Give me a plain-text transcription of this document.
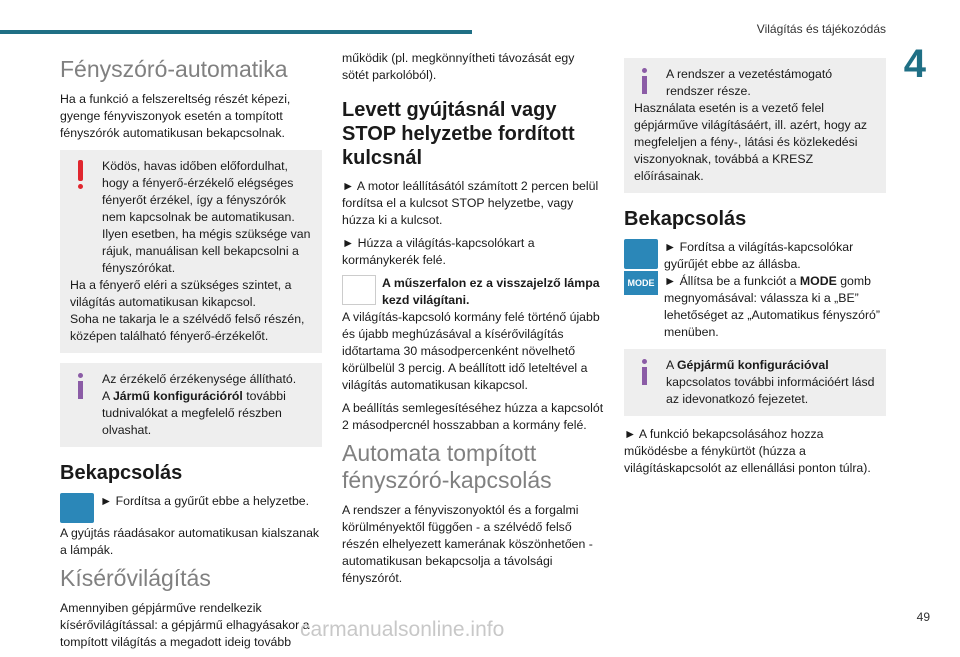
Világítás és tájékozódás
4
Fényszóró-automatika

Ha a funkció a felszereltség részét képezi, gyenge fényviszonyok esetén a tompított fényszórók automatikusan bekapcsolnak.

Ködös, havas időben előfordulhat, hogy a fényerő-érzékelő elégséges fényerőt érzékel, így a fényszórók nem kapcsolnak be automatikusan. Ilyen esetben, ha mégis szüksége van rájuk, manuálisan kell bekapcsolni a fényszórókat.
Ha a fényerő eléri a szükséges szintet, a világítás automatikusan kikapcsol.
Soha ne takarja le a szélvédő felső részén, középen található fényerő-érzékelőt.
Az érzékelő érzékenysége állítható.
A Jármű konfigurációról további tudnivalókat a megfelelő részben olvashat.
Bekapcsolás
► Fordítsa a gyűrűt ebbe a helyzetbe.

A gyújtás ráadásakor automatikusan kialszanak a lámpák.

Kísérővilágítás

Amennyiben gépjárműve rendelkezik kísérővilágítással: a gépjármű elhagyásakor a tompított világítás a megadott ideig tovább

működik (pl. megkönnyítheti távozását egy sötét parkolóból).

Levett gyújtásnál vagy STOP helyzetbe fordított kulcsnál

► A motor leállításától számított 2 percen belül fordítsa el a kulcsot STOP helyzetbe, vagy húzza ki a kulcsot.

► Húzza a világítás-kapcsolókart a kormánykerék felé.

A műszerfalon ez a visszajelző lámpa kezd világítani.

A világítás-kapcsoló kormány felé történő újabb és újabb meghúzásával a kísérővilágítás időtartama 30 másodpercenként növelhető körülbelül 3 percig. A beállított idő leteltével a világítás automatikusan kikapcsol.

A beállítás semlegesítéséhez húzza a kapcsolót 2 másodpercnél hosszabban a kormány felé.

Automata tompított fényszóró-kapcsolás

A rendszer a fényviszonyoktól és a forgalmi körülményektől függően - a szélvédő felső részén elhelyezett kamerának köszönhetően - automatikusan bekapcsolja a távolsági fényszórót.

A rendszer a vezetéstámogató rendszer része.
Használata esetén is a vezető felel gépjárműve világításáért, ill. azért, hogy az megfeleljen a fény-, látási és közlekedési viszonyoknak, továbbá a KRESZ előírásainak.
Bekapcsolás
MODE
► Fordítsa a világítás-kapcsolókar gyűrűjét ebbe az állásba.
► Állítsa be a funkciót a MODE gomb megnyomásával: válassza ki a „BE” lehetőséget az „Automatikus fényszóró” menüben.
A Gépjármű konfigurációval kapcsolatos további információért lásd az idevonatkozó fejezetet.

► A funkció bekapcsolásához hozza működésbe a fénykürtöt (húzza a világításkapcsolót az ellenállási ponton túlra).

carmanualsonline.info
49
